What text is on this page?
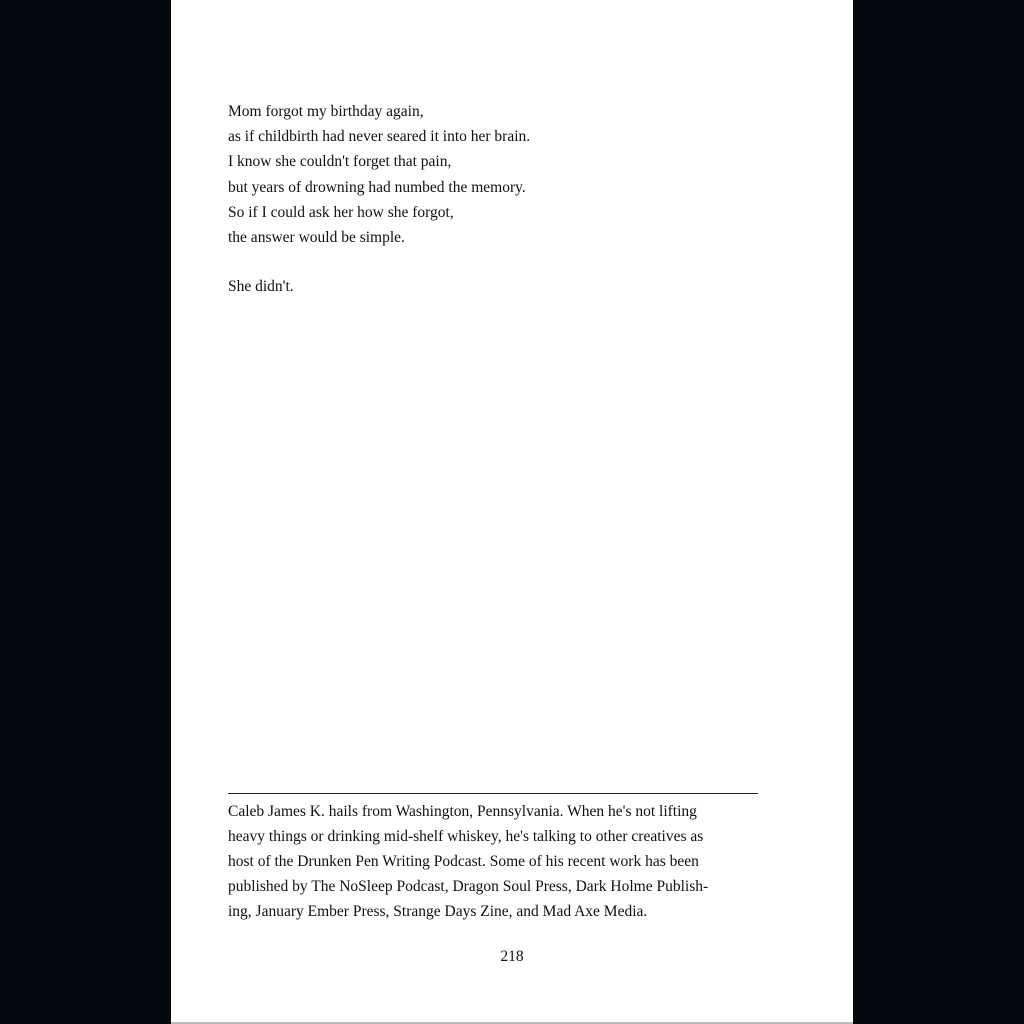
Mom forgot my birthday again,
as if childbirth had never seared it into her brain.
I know she couldn't forget that pain,
but years of drowning had numbed the memory.
So if I could ask her how she forgot,
the answer would be simple.
She didn't.
Caleb James K. hails from Washington, Pennsylvania. When he's not lifting
heavy things or drinking mid-shelf whiskey, he's talking to other creatives as
host of the Drunken Pen Writing Podcast. Some of his recent work has been
published by The NoSleep Podcast, Dragon Soul Press, Dark Holme Publish-
ing, January Ember Press, Strange Days Zine, and Mad Axe Media.
218
